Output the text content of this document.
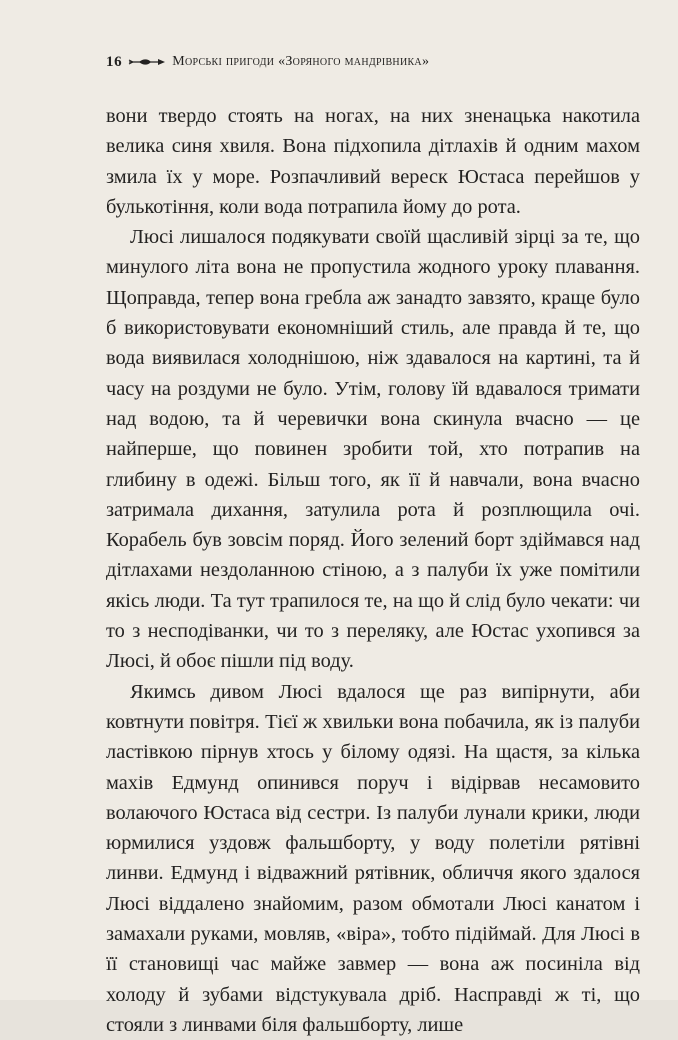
16	Морські пригоди «Зоряного мандрівника»

вони твердо стоять на ногах, на них зненацька накотила велика синя хвиля. Вона підхопила дітлахів й одним махом змила їх у море. Розпачливий вереск Юстаса перейшов у булькотіння, коли вода потрапила йому до рота.

Люсі лишалося подякувати своїй щасливій зірці за те, що минулого літа вона не пропустила жодного уроку плавання. Щоправда, тепер вона гребла аж занадто завзято, краще було б використовувати економніший стиль, але правда й те, що вода виявилася холоднішою, ніж здавалося на картині, та й часу на роздуми не було. Утім, голову їй вдавалося тримати над водою, та й черевички вона скинула вчасно — це найперше, що повинен зробити той, хто потрапив на глибину в одежі. Більш того, як її й навчали, вона вчасно затримала дихання, затулила рота й розплющила очі. Корабель був зовсім поряд. Його зелений борт здіймався над дітлахами нездоланною стіною, а з палуби їх уже помітили якісь люди. Та тут трапилося те, на що й слід було чекати: чи то з несподіванки, чи то з переляку, але Юстас ухопився за Люсі, й обоє пішли під воду.

Якимсь дивом Люсі вдалося ще раз випірнути, аби ковтнути повітря. Тієї ж хвильки вона побачила, як із палуби ластівкою пірнув хтось у білому одязі. На щастя, за кілька махів Едмунд опинився поруч і відірвав несамовито волаючого Юстаса від сестри. Із палуби лунали крики, люди юрмилися уздовж фальшборту, у воду полетіли рятівні линви. Едмунд і відважний рятівник, обличчя якого здалося Люсі віддалено знайомим, разом обмотали Люсі канатом і замахали руками, мовляв, «віра», тобто підіймай. Для Люсі в її становищі час майже завмер — вона аж посиніла від холоду й зубами відстукувала дріб. Насправді ж ті, що стояли з линвами біля фальшборту, лише
